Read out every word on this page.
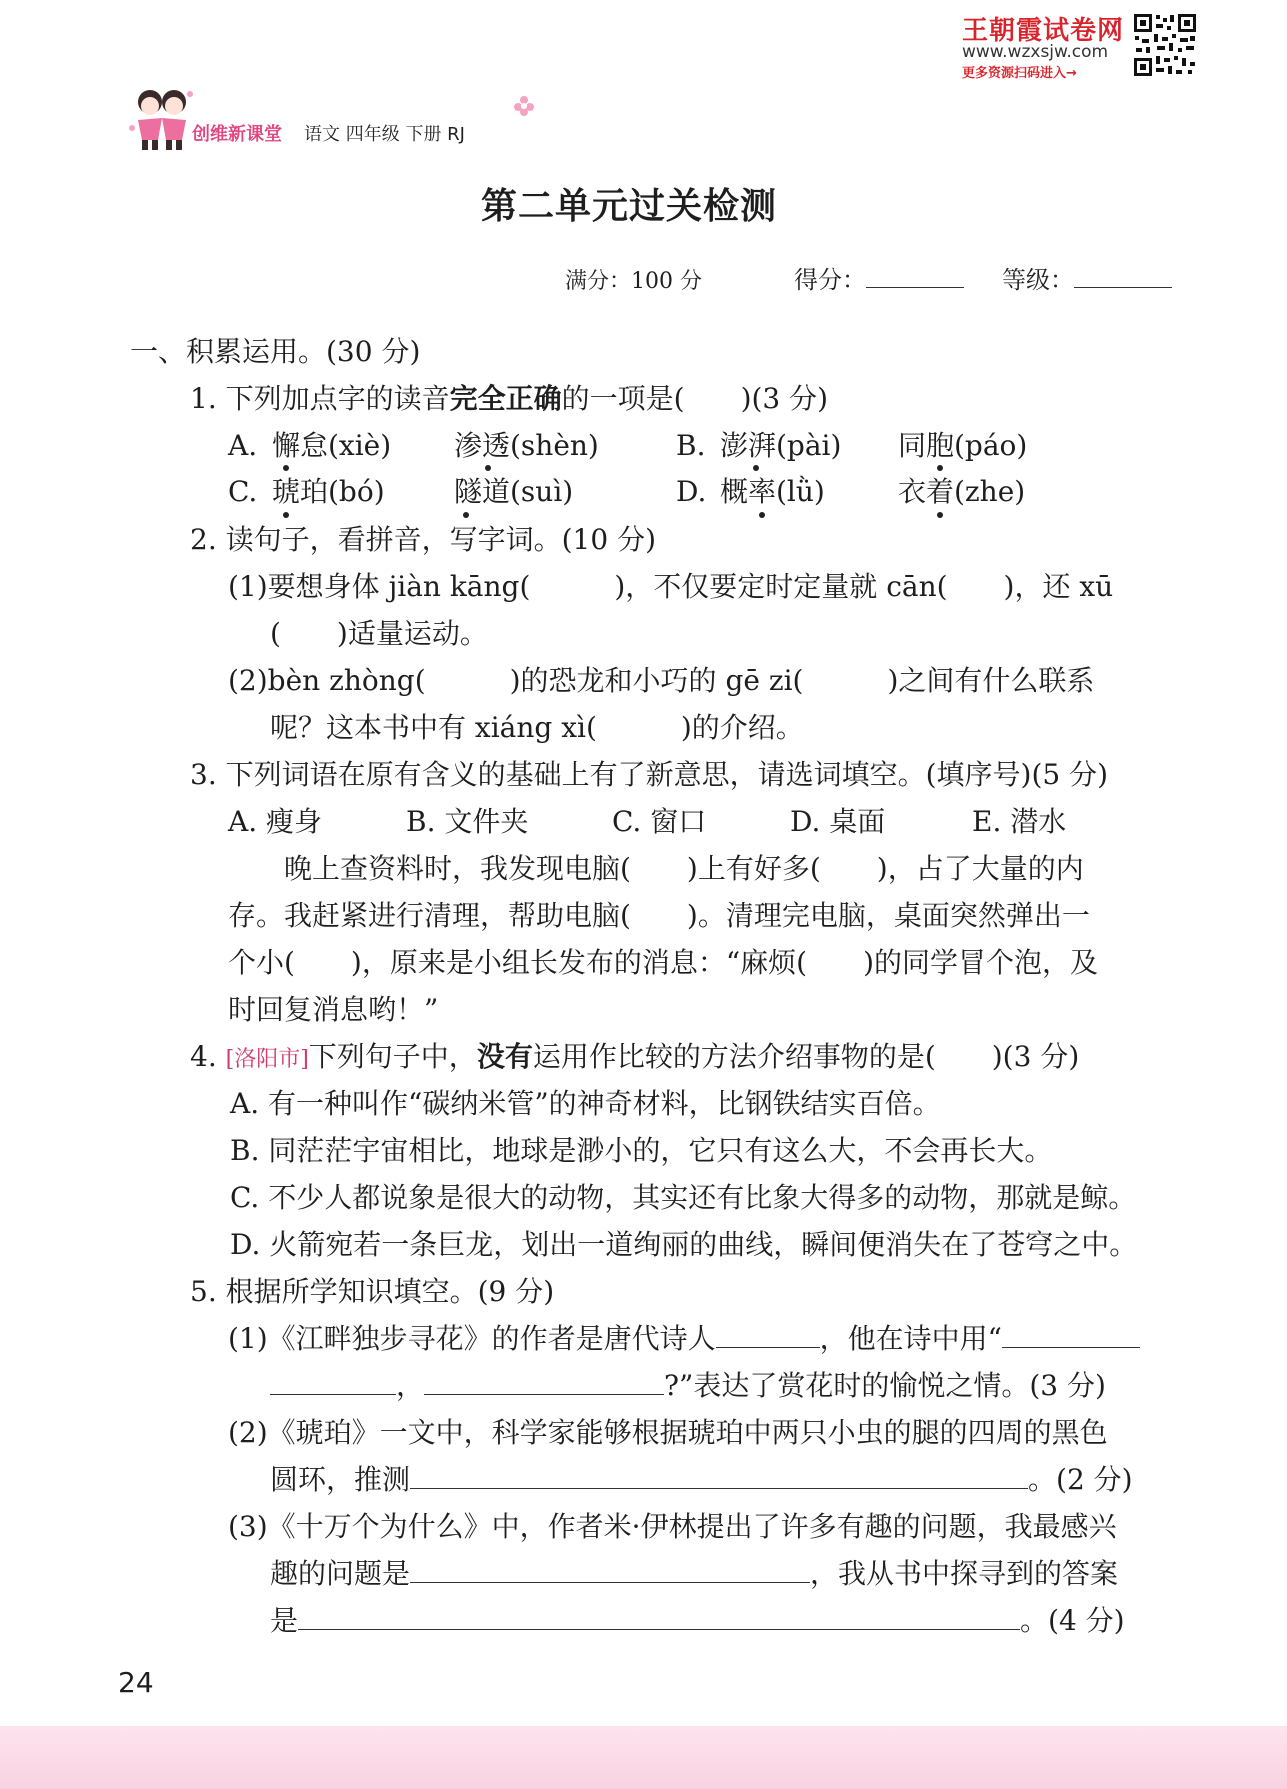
王朝霞试卷网
www.wzxsjw.com
更多资源扫码进入→
创维新课堂 语文 四年级 下册 RJ
第二单元过关检测
满分：100 分	得分：	等级：
一、积累运用。(30 分)
1. 下列加点字的读音完全正确的一项是(　　)(3 分)
A. 懈怠(xiè) 渗透(shèn)	B. 澎湃(pài) 同胞(páo)
C. 琥珀(bó) 隧道(suì)	D. 概率(lǜ)	衣着(zhe)
2. 读句子，看拼音，写字词。(10 分)
(1)要想身体 jiàn kāng(　　　)，不仅要定时定量就 cān(　　)，还 xū
(　　)适量运动。
(2)bèn zhòng(　　　)的恐龙和小巧的 gē zi(　　　)之间有什么联系
呢？这本书中有 xiáng xì(　　　)的介绍。
3. 下列词语在原有含义的基础上有了新意思，请选词填空。(填序号)(5 分)
A. 瘦身	B. 文件夹	C. 窗口	D. 桌面	E. 潜水
晚上查资料时，我发现电脑(　　)上有好多(　　)，占了大量的内
存。我赶紧进行清理，帮助电脑(　　)。清理完电脑，桌面突然弹出一
个小(　　)，原来是小组长发布的消息：“麻烦(　　)的同学冒个泡，及
时回复消息哟！”
4. [洛阳市]下列句子中，没有运用作比较的方法介绍事物的是(　　)(3 分)
A. 有一种叫作“碳纳米管”的神奇材料，比钢铁结实百倍。
B. 同茫茫宇宙相比，地球是渺小的，它只有这么大，不会再长大。
C. 不少人都说象是很大的动物，其实还有比象大得多的动物，那就是鲸。
D. 火箭宛若一条巨龙，划出一道绚丽的曲线，瞬间便消失在了苍穹之中。
5. 根据所学知识填空。(9 分)
(1)《江畔独步寻花》的作者是唐代诗人	，他在诗中用“
，	?”表达了赏花时的愉悦之情。(3 分)
(2)《琥珀》一文中，科学家能够根据琥珀中两只小虫的腿的四周的黑色
圆环，推测	。(2 分)
(3)《十万个为什么》中，作者米·伊林提出了许多有趣的问题，我最感兴
趣的问题是	，我从书中探寻到的答案
是	。(4 分)
24
